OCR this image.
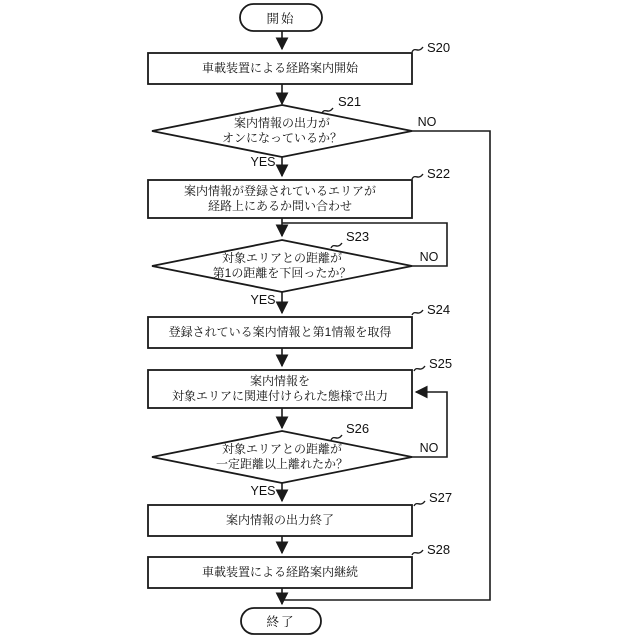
開始
終了
車載装置による経路案内開始
案内情報の出力が
オンになっているか？
案内情報が登録されているエリアが
経路上にあるか問い合わせ
対象エリアとの距離が
第1の距離を下回ったか？
登録されている案内情報と第1情報を取得
案内情報を
対象エリアに関連付けられた態様で出力
対象エリアとの距離が
一定距離以上離れたか？
案内情報の出力終了
車載装置による経路案内継続
S20
S21
S22
S23
S24
S25
S26
S27
S28
YES
NO
YES
NO
YES
NO
